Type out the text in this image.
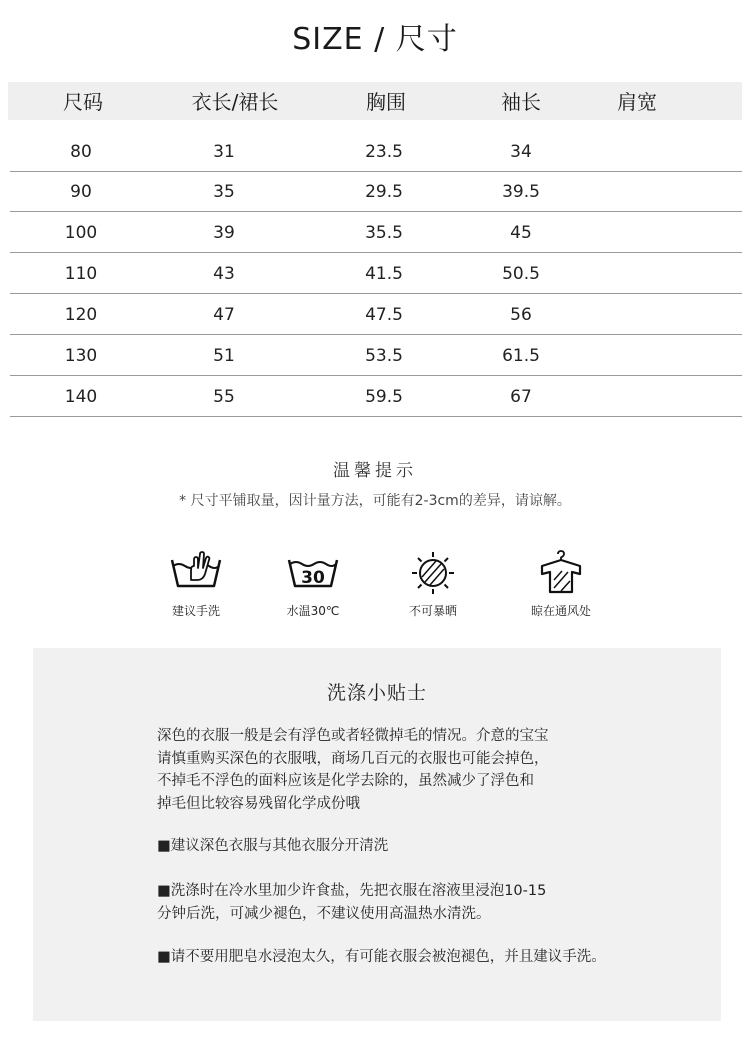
SIZE / 尺寸
尺码	衣长/裙长	胸围	袖长	肩宽
80	31	23.5	34
90	35	29.5	39.5
100	39	35.5	45
110	43	41.5	50.5
120	47	47.5	56
130	51	53.5	61.5
140	55	59.5	67
温馨提示
* 尺寸平铺取量，因计量方法，可能有2-3cm的差异，请谅解。
建议手洗
30
水温30℃	不可暴晒	晾在通风处
洗涤小贴士
深色的衣服一般是会有浮色或者轻微掉毛的情况。介意的宝宝
请慎重购买深色的衣服哦，商场几百元的衣服也可能会掉色，
不掉毛不浮色的面料应该是化学去除的，虽然减少了浮色和
掉毛但比较容易残留化学成份哦
■建议深色衣服与其他衣服分开清洗
■洗涤时在冷水里加少许食盐，先把衣服在溶液里浸泡10-15
分钟后洗，可减少褪色，不建议使用高温热水清洗。
■请不要用肥皂水浸泡太久，有可能衣服会被泡褪色，并且建议手洗。
